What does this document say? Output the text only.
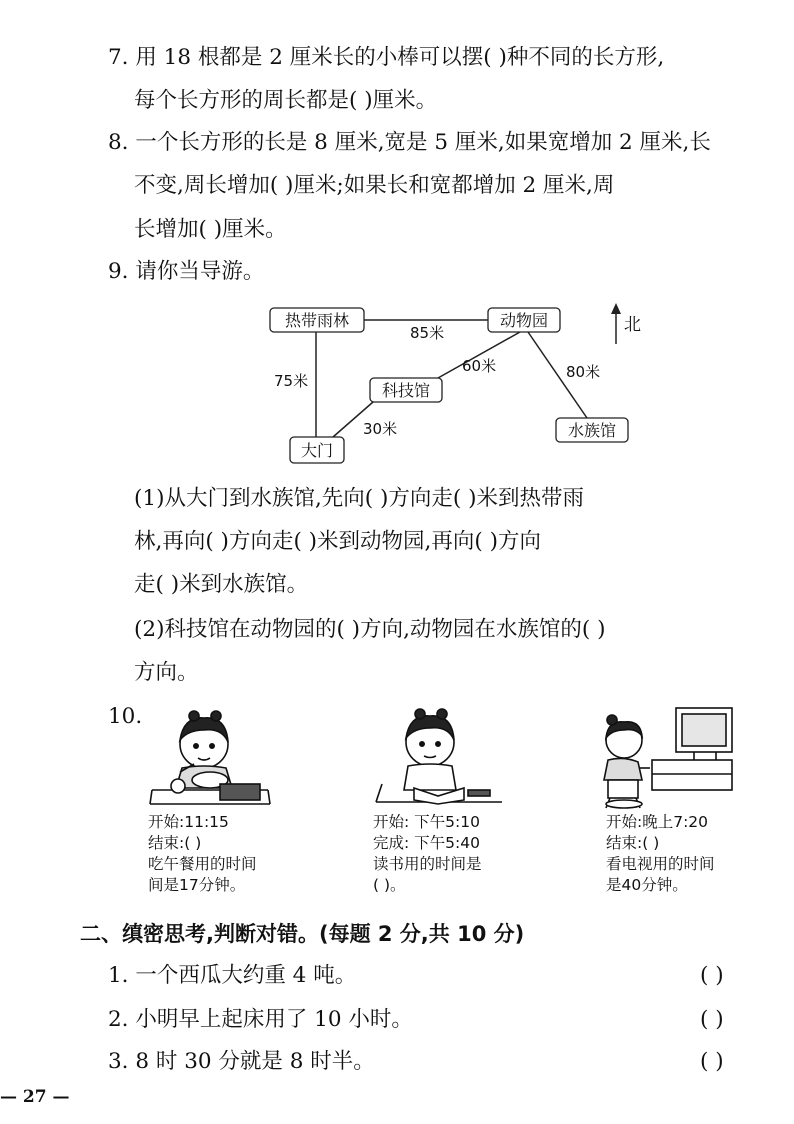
7. 用 18 根都是 2 厘米长的小棒可以摆( )种不同的长方形,
每个长方形的周长都是( )厘米。
8. 一个长方形的长是 8 厘米,宽是 5 厘米,如果宽增加 2 厘米,长
不变,周长增加( )厘米;如果长和宽都增加 2 厘米,周
长增加( )厘米。
9. 请你当导游。
热带雨林	动物园
科技馆
水族馆
大门
85米
75米
60米	80米
30米
北
(1)从大门到水族馆,先向( )方向走( )米到热带雨
林,再向( )方向走( )米到动物园,再向( )方向
走( )米到水族馆。
(2)科技馆在动物园的( )方向,动物园在水族馆的( )
方向。
10.
开始:11:15
结束:( )
吃午餐用的时间
间是17分钟。
开始: 下午5:10
完成: 下午5:40
读书用的时间是
( )。
开始:晚上7:20
结束:( )
看电视用的时间
是40分钟。
二、缜密思考,判断对错。(每题 2 分,共 10 分)
1. 一个西瓜大约重 4 吨。	( )
2. 小明早上起床用了 10 小时。	( )
3. 8 时 30 分就是 8 时半。	( )
— 27 —
